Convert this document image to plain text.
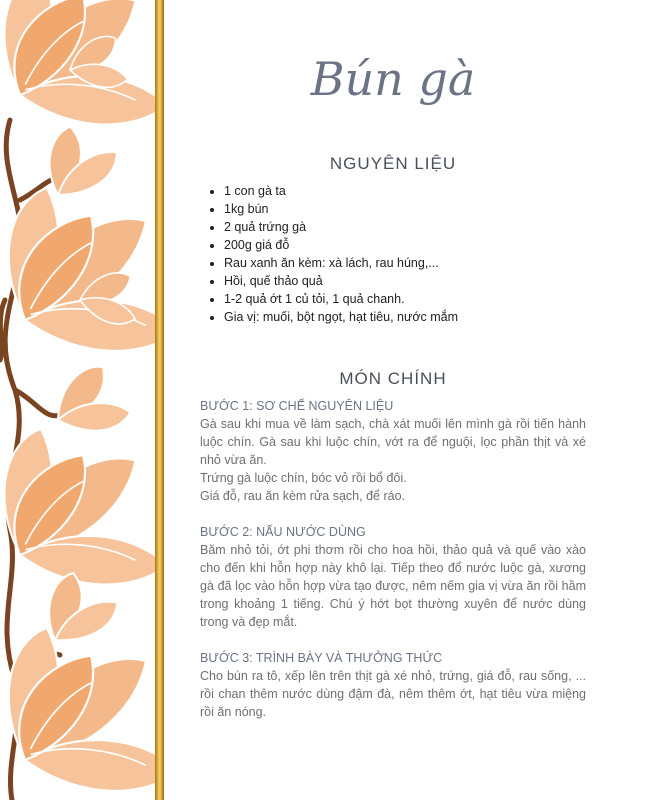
Bún gà
NGUYÊN LIỆU
• 1 con gà ta
• 1kg bún
• 2 quả trứng gà
• 200g giá đỗ
• Rau xanh ăn kèm: xà lách, rau húng,...
• Hồi, quế thảo quả
• 1-2 quả ớt 1 củ tỏi, 1 quả chanh.
• Gia vị: muối, bột ngọt, hạt tiêu, nước mắm
MÓN CHÍNH
BƯỚC 1: SƠ CHẾ NGUYÊN LIỆU

Gà sau khi mua về làm sạch, chà xát muối lên mình gà rồi tiến hành luộc chín. Gà sau khi luộc chín, vớt ra để nguội, lọc phần thịt và xé nhỏ vừa ăn.

Trứng gà luộc chín, bóc vỏ rồi bổ đôi.

Giá đỗ, rau ăn kèm rửa sạch, để ráo.

BƯỚC 2: NẤU NƯỚC DÙNG

Băm nhỏ tỏi, ớt phi thơm rồi cho hoa hồi, thảo quả và quế vào xào cho đến khi hỗn hợp này khô lại. Tiếp theo đổ nước luộc gà, xương gà đã lọc vào hỗn hợp vừa tạo được, nêm nếm gia vị vừa ăn rồi hầm trong khoảng 1 tiếng. Chú ý hớt bọt thường xuyên để nước dùng trong và đẹp mắt.

BƯỚC 3: TRÌNH BÀY VÀ THƯỞNG THỨC

Cho bún ra tô, xếp lên trên thịt gà xé nhỏ, trứng, giá đỗ, rau sống, ... rồi chan thêm nước dùng đậm đà, nêm thêm ớt, hạt tiêu vừa miệng rồi ăn nóng.
